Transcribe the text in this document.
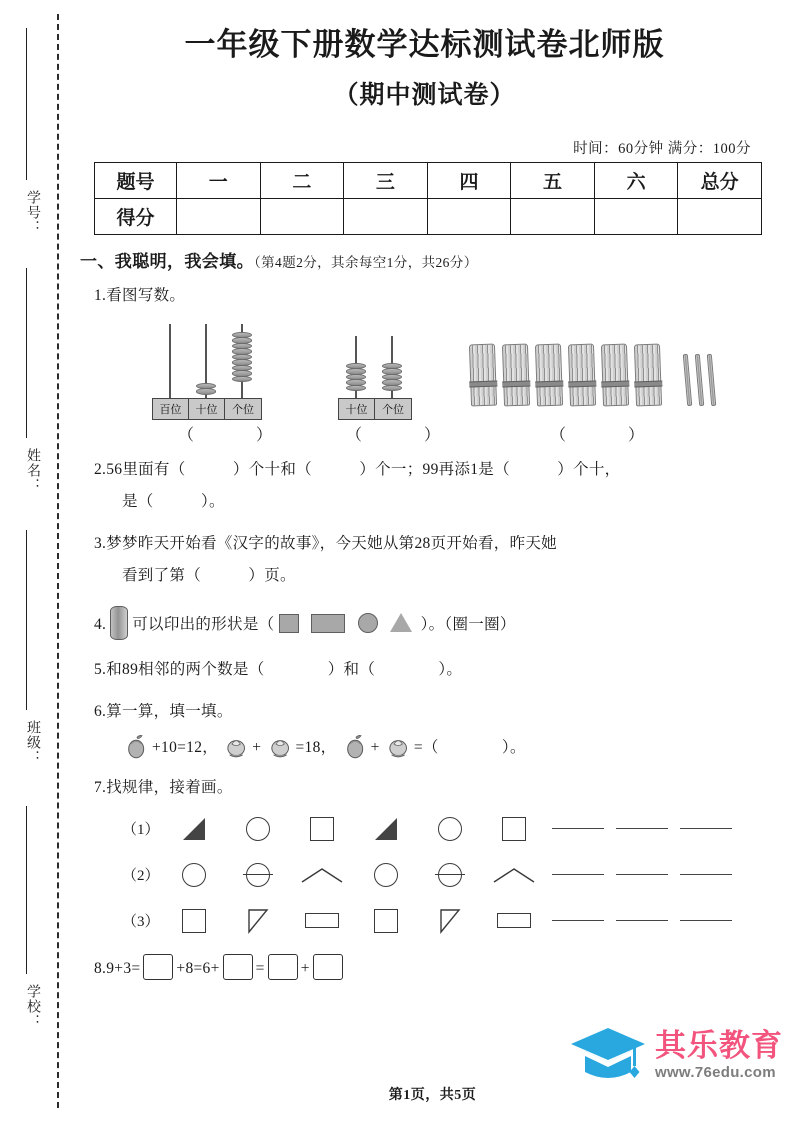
学号：
姓名：
班级：
学校：
一年级下册数学达标测试卷北师版
（期中测试卷）
时间：60分钟 满分：100分
题号	一	二	三	四	五	六	总分
得分							
一、我聪明，我会填。（第4题2分，其余每空1分，共26分）
1.看图写数。
百位	十位	个位
（　　）
十位	个位
（　　）	（　　）
2.56里面有（　　　）个十和（　　　）个一；99再添1是（　　　）个十，
是（　　　）。
3.梦梦昨天开始看《汉字的故事》，今天她从第28页开始看，昨天她
看到了第（　　　）页。
4. 可以印出的形状是（	）。（圈一圈）
5.和89相邻的两个数是（　　　　）和（　　　　）。
6.算一算，填一填。
+10=12， + =18， + =（　　　　）。
7.找规律，接着画。
（1）
（2）
（3）
8.9+3= +8=6+ = +
其乐教育
www.76edu.com
第1页，共5页
